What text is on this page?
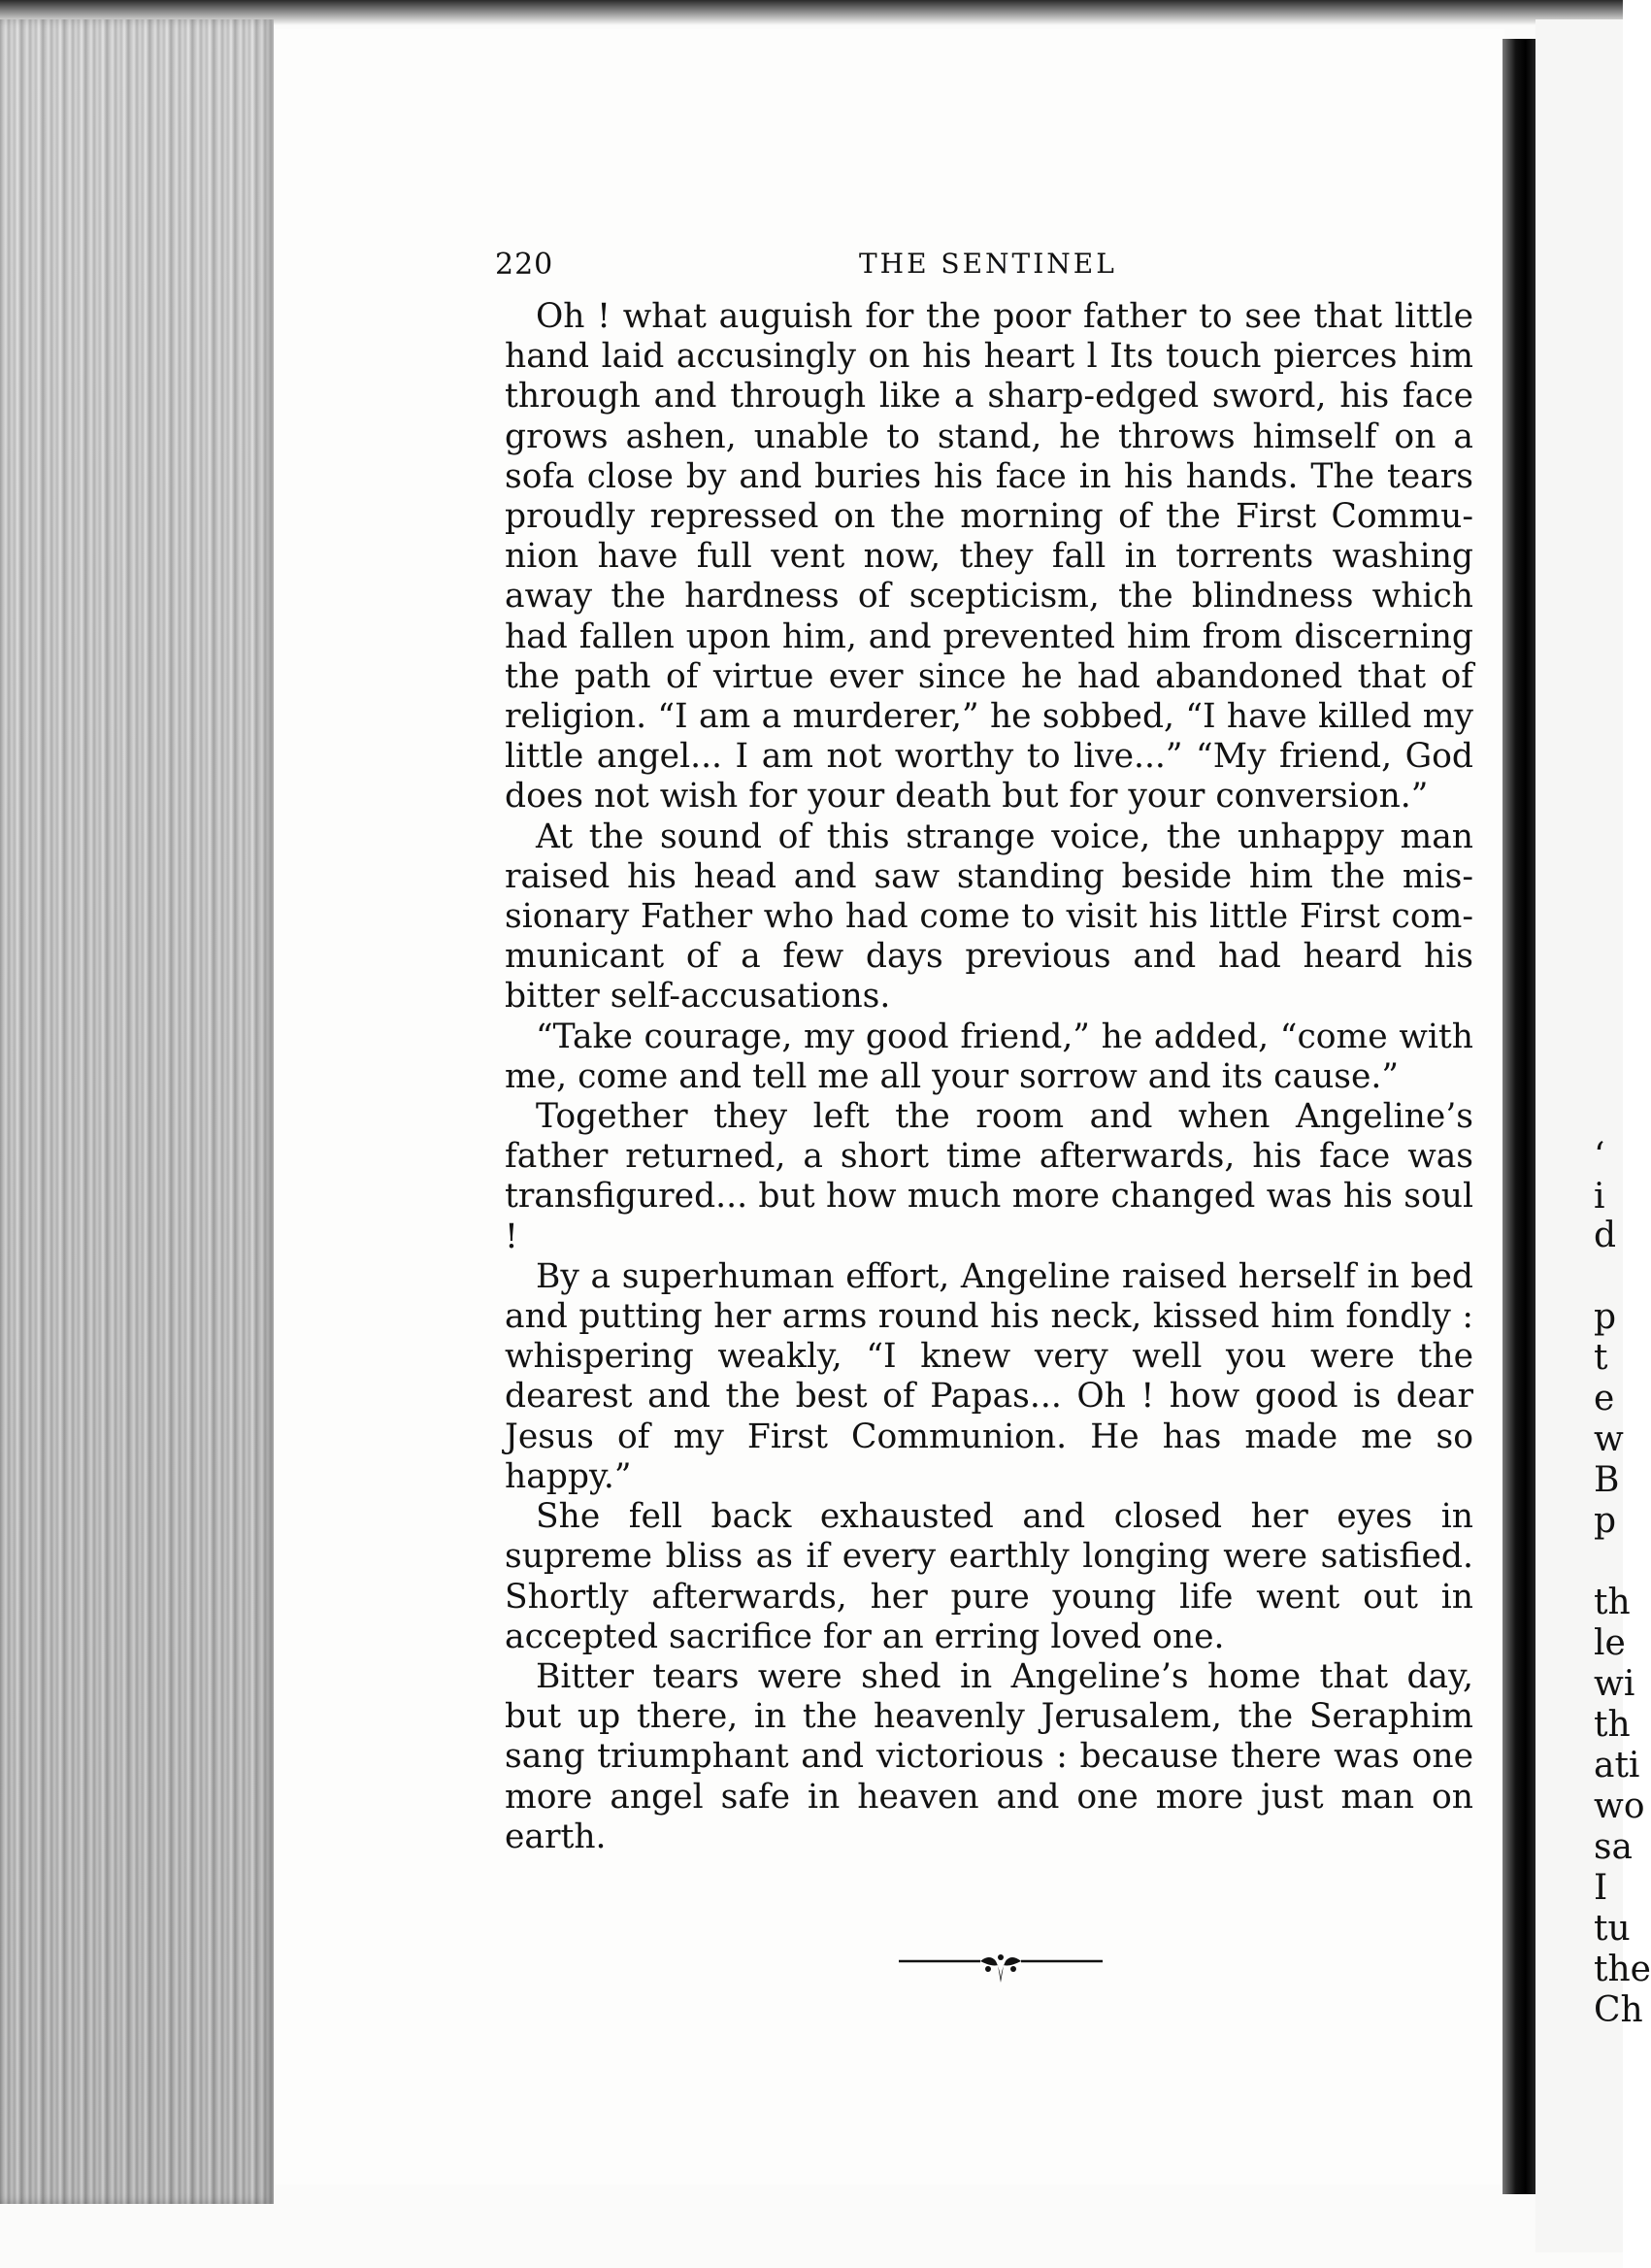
‘
i
d
p
t
e
w
B
p
th
le
wi
th
ati
wo
sa
I
tu
the
Ch
220	THE SENTINEL

Oh ! what auguish for the poor father to see that little hand laid accusingly on his heart l Its touch pierces him through and through like a sharp-edged sword, his face grows ashen, unable to stand, he throws himself on a sofa close by and buries his face in his hands. The tears proudly repressed on the morning of the First Communion have full vent now, they fall in torrents washing away the hardness of scepticism, the blindness which had fallen upon him, and prevented him from discerning the path of virtue ever since he had abandoned that of religion. “I am a murderer,” he sobbed, “I have killed my little angel... I am not worthy to live...” “My friend, God does not wish for your death but for your conversion.”

At the sound of this strange voice, the unhappy man raised his head and saw standing beside him the missionary Father who had come to visit his little First communicant of a few days previous and had heard his bitter self-accusations.

“Take courage, my good friend,” he added, “come with me, come and tell me all your sorrow and its cause.”

Together they left the room and when Angeline’s father returned, a short time afterwards, his face was transfigured... but how much more changed was his soul !

By a superhuman effort, Angeline raised herself in bed and putting her arms round his neck, kissed him fondly : whispering weakly, “I knew very well you were the dearest and the best of Papas... Oh ! how good is dear Jesus of my First Communion. He has made me so happy.”

She fell back exhausted and closed her eyes in supreme bliss as if every earthly longing were satisfied. Shortly afterwards, her pure young life went out in accepted sacrifice for an erring loved one.

Bitter tears were shed in Angeline’s home that day, but up there, in the heavenly Jerusalem, the Seraphim sang triumphant and victorious : because there was one more angel safe in heaven and one more just man on earth.
